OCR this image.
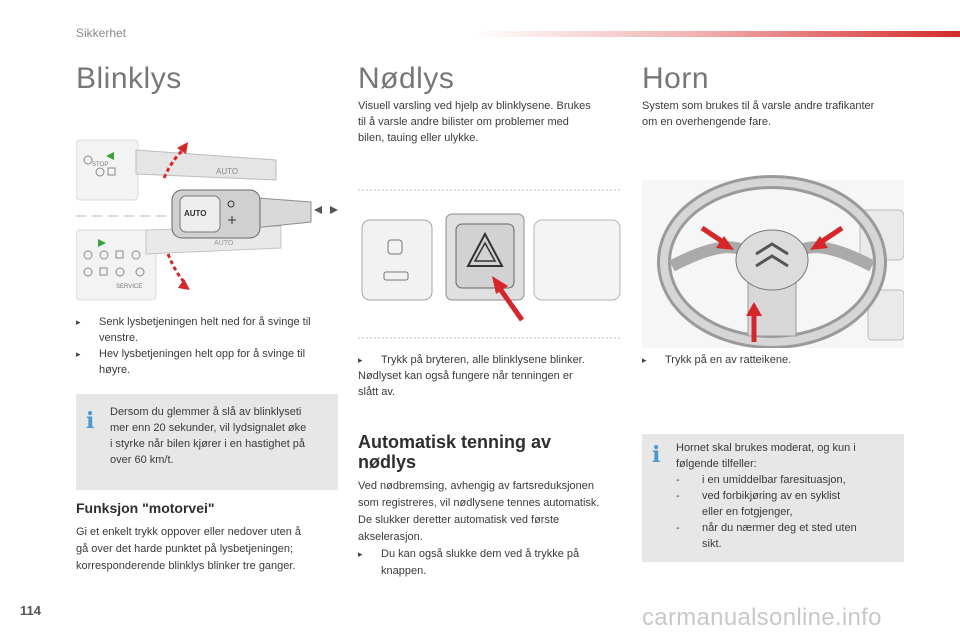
Sikkerhet
Blinklys
STOP
SERVICE
AUTO
AUTO
AUTO
▸ Senk lysbetjeningen helt ned for å svinge til venstre.
▸ Hev lysbetjeningen helt opp for å svinge til høyre.
i	Dersom du glemmer å slå av blinklyseti
mer enn 20 sekunder, vil lydsignalet øke
i styrke når bilen kjører i en hastighet på
over 60 km/t.
Funksjon "motorvei"
Gi et enkelt trykk oppover eller nedover uten å
gå over det harde punktet på lysbetjeningen;
korresponderende blinklys blinker tre ganger.
Nødlys
Visuell varsling ved hjelp av blinklysene. Brukes
til å varsle andre bilister om problemer med
bilen, tauing eller ulykke.
▸ Trykk på bryteren, alle blinklysene blinker.
Nødlyset kan også fungere når tenningen er
slått av.
Automatisk tenning av
nødlys
Ved nødbremsing, avhengig av fartsreduksjonen
som registreres, vil nødlysene tennes automatisk.
De slukker deretter automatisk ved første
akselerasjon.
▸ Du kan også slukke dem ved å trykke på
knappen.
Horn
System som brukes til å varsle andre trafikanter
om en overhengende fare.
▸ Trykk på en av ratteikene.
i	Hornet skal brukes moderat, og kun i
følgende tilfeller:
- i en umiddelbar faresituasjon,
- ved forbikjøring av en syklist
eller en fotgjenger,
- når du nærmer deg et sted uten
sikt.
114	carmanualsonline.info
